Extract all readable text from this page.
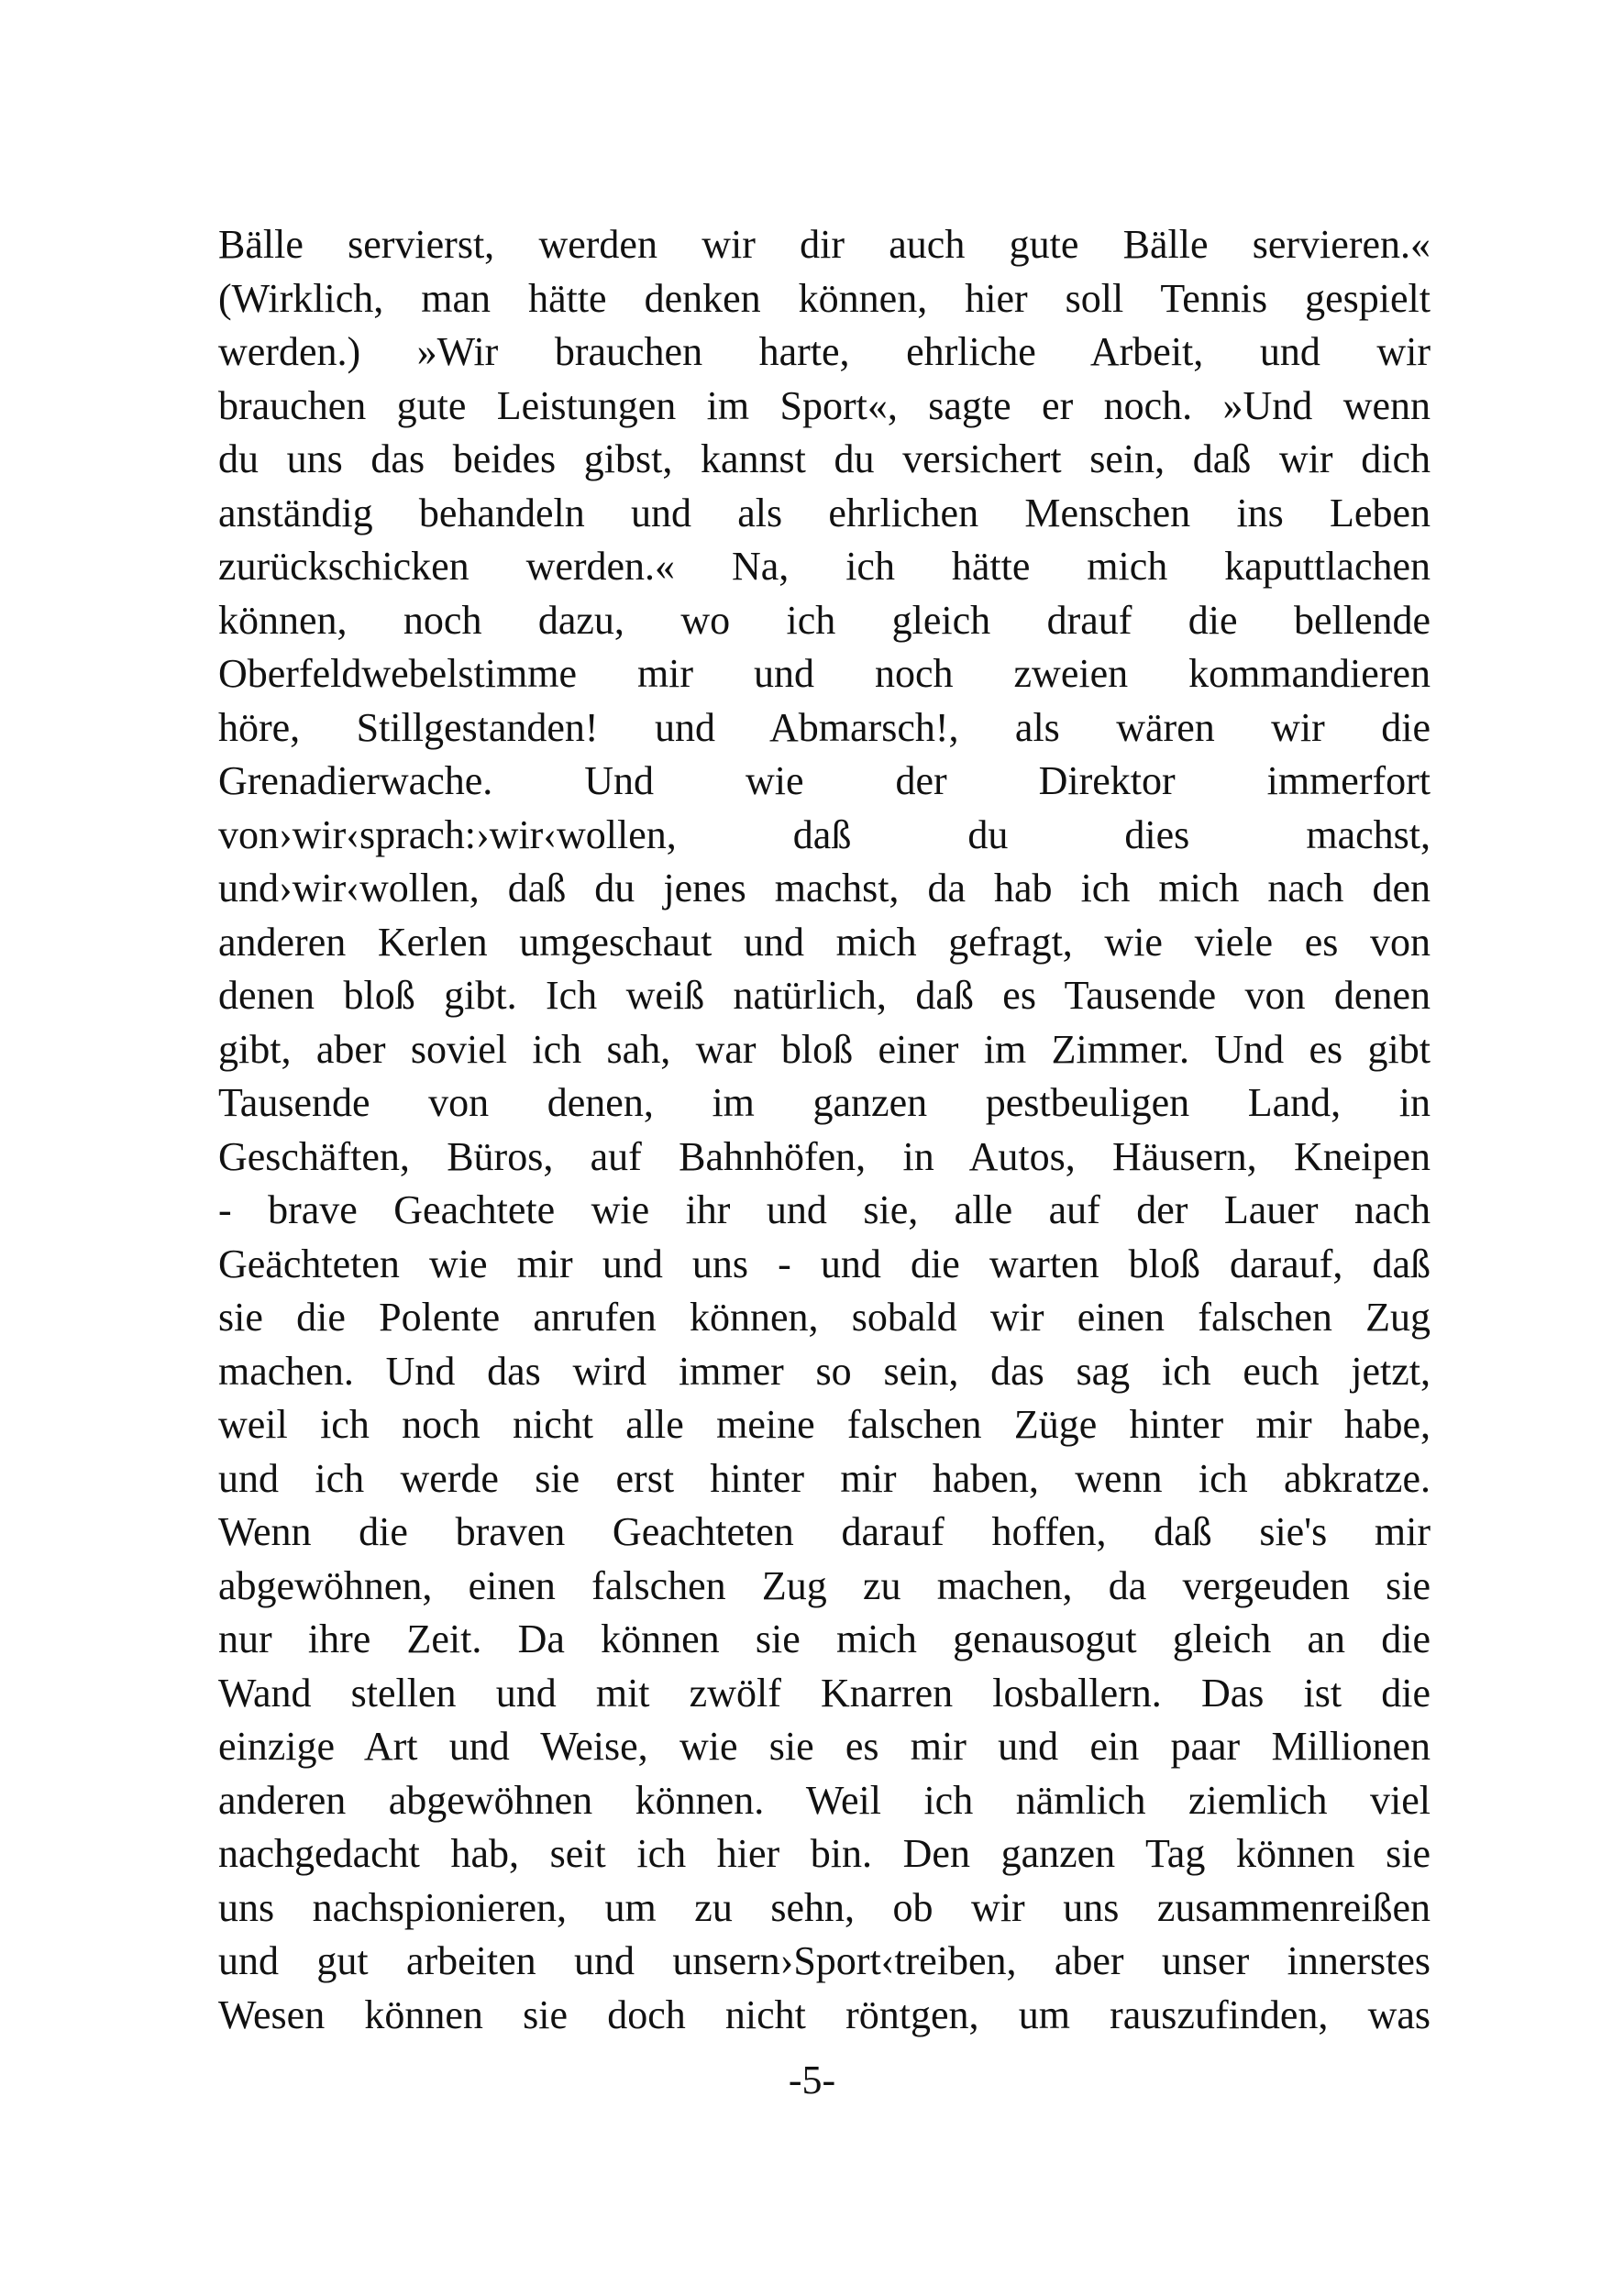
Bälle servierst, werden wir dir auch gute Bälle servieren.«
(Wirklich, man hätte denken können, hier soll Tennis gespielt
werden.) »Wir brauchen harte, ehrliche Arbeit, und wir
brauchen gute Leistungen im Sport«, sagte er noch. »Und wenn
du uns das beides gibst, kannst du versichert sein, daß wir dich
anständig behandeln und als ehrlichen Menschen ins Leben
zurückschicken werden.« Na, ich hätte mich kaputtlachen
können, noch dazu, wo ich gleich drauf die bellende
Oberfeldwebelstimme mir und noch zweien kommandieren
höre, Stillgestanden! und Abmarsch!, als wären wir die
Grenadierwache. Und wie der Direktor immerfort
von›wir‹sprach:›wir‹wollen, daß du dies machst,
und›wir‹wollen, daß du jenes machst, da hab ich mich nach den
anderen Kerlen umgeschaut und mich gefragt, wie viele es von
denen bloß gibt. Ich weiß natürlich, daß es Tausende von denen
gibt, aber soviel ich sah, war bloß einer im Zimmer. Und es gibt
Tausende von denen, im ganzen pestbeuligen Land, in
Geschäften, Büros, auf Bahnhöfen, in Autos, Häusern, Kneipen
- brave Geachtete wie ihr und sie, alle auf der Lauer nach
Geächteten wie mir und uns - und die warten bloß darauf, daß
sie die Polente anrufen können, sobald wir einen falschen Zug
machen. Und das wird immer so sein, das sag ich euch jetzt,
weil ich noch nicht alle meine falschen Züge hinter mir habe,
und ich werde sie erst hinter mir haben, wenn ich abkratze.
Wenn die braven Geachteten darauf hoffen, daß sie's mir
abgewöhnen, einen falschen Zug zu machen, da vergeuden sie
nur ihre Zeit. Da können sie mich genausogut gleich an die
Wand stellen und mit zwölf Knarren losballern. Das ist die
einzige Art und Weise, wie sie es mir und ein paar Millionen
anderen abgewöhnen können. Weil ich nämlich ziemlich viel
nachgedacht hab, seit ich hier bin. Den ganzen Tag können sie
uns nachspionieren, um zu sehn, ob wir uns zusammenreißen
und gut arbeiten und unsern›Sport‹treiben, aber unser innerstes
Wesen können sie doch nicht röntgen, um rauszufinden, was
-5-
